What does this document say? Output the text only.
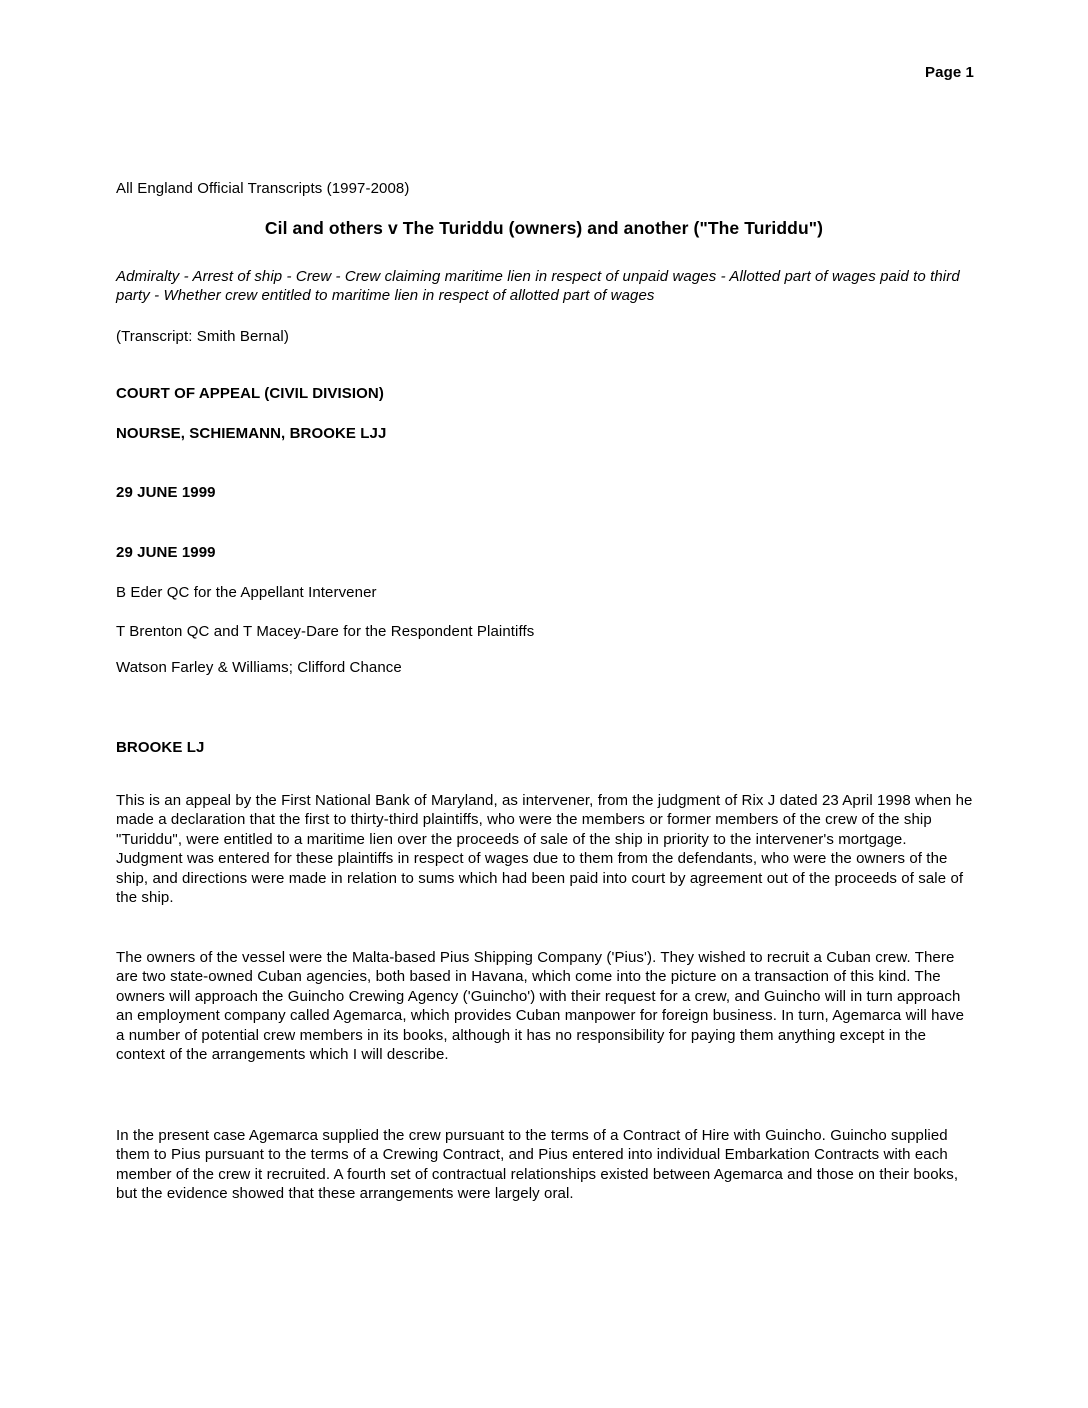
Page 1
All England Official Transcripts (1997-2008)
Cil and others v The Turiddu (owners) and another ("The Turiddu")
Admiralty - Arrest of ship - Crew - Crew claiming maritime lien in respect of unpaid wages - Allotted part of wages paid to third party - Whether crew entitled to maritime lien in respect of allotted part of wages
(Transcript: Smith Bernal)
COURT OF APPEAL (CIVIL DIVISION)
NOURSE, SCHIEMANN, BROOKE LJJ
29 JUNE 1999
29 JUNE 1999
B Eder QC for the Appellant Intervener
T Brenton QC and T Macey-Dare for the Respondent Plaintiffs
Watson Farley & Williams; Clifford Chance
BROOKE LJ
This is an appeal by the First National Bank of Maryland, as intervener, from the judgment of Rix J dated 23 April 1998 when he made a declaration that the first to thirty-third plaintiffs, who were the members or former members of the crew of the ship "Turiddu", were entitled to a maritime lien over the proceeds of sale of the ship in priority to the intervener's mortgage. Judgment was entered for these plaintiffs in respect of wages due to them from the defendants, who were the owners of the ship, and directions were made in relation to sums which had been paid into court by agreement out of the proceeds of sale of the ship.
The owners of the vessel were the Malta-based Pius Shipping Company ('Pius'). They wished to recruit a Cuban crew. There are two state-owned Cuban agencies, both based in Havana, which come into the picture on a transaction of this kind. The owners will approach the Guincho Crewing Agency ('Guincho') with their request for a crew, and Guincho will in turn approach an employment company called Agemarca, which provides Cuban manpower for foreign business. In turn, Agemarca will have a number of potential crew members in its books, although it has no responsibility for paying them anything except in the context of the arrangements which I will describe.
In the present case Agemarca supplied the crew pursuant to the terms of a Contract of Hire with Guincho. Guincho supplied them to Pius pursuant to the terms of a Crewing Contract, and Pius entered into individual Embarkation Contracts with each member of the crew it recruited. A fourth set of contractual relationships existed between Agemarca and those on their books, but the evidence showed that these arrangements were largely oral.
